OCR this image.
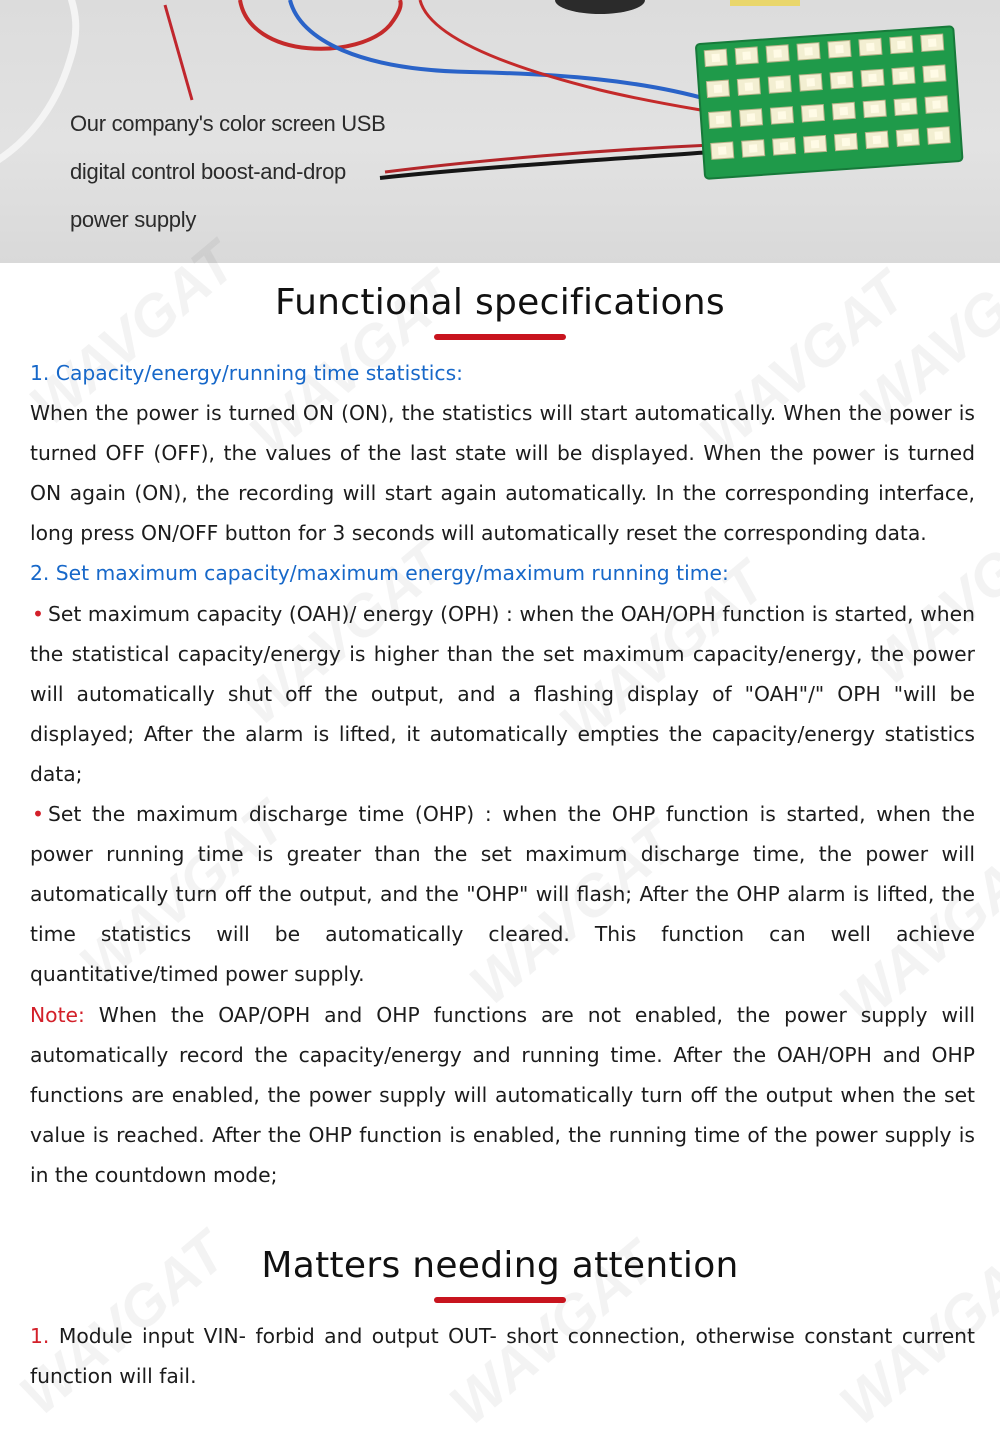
Our company's color screen USB
digital control boost-and-drop
power supply
Functional specifications

1. Capacity/energy/running time statistics:

When the power is turned ON (ON), the statistics will start automatically. When the power is turned OFF (OFF), the values of the last state will be displayed. When the power is turned ON again (ON), the recording will start again automatically. In the corresponding interface, long press ON/OFF button for 3 seconds will automatically reset the corresponding data.

2. Set maximum capacity/maximum energy/maximum running time:

• Set maximum capacity (OAH)/ energy (OPH) : when the OAH/OPH function is started, when the statistical capacity/energy is higher than the set maximum capacity/energy, the power will automatically shut off the output, and a flashing display of "OAH"/" OPH "will be displayed; After the alarm is lifted, it automatically empties the capacity/energy statistics data;

• Set the maximum discharge time (OHP) : when the OHP function is started, when the power running time is greater than the set maximum discharge time, the power will automatically turn off the output, and the "OHP" will flash; After the OHP alarm is lifted, the time statistics will be automatically cleared. This function can well achieve quantitative/timed power supply.

Note: When the OAP/OPH and OHP functions are not enabled, the power supply will automatically record the capacity/energy and running time. After the OAH/OPH and OHP functions are enabled, the power supply will automatically turn off the output when the set value is reached. After the OHP function is enabled, the running time of the power supply is in the countdown mode;

Matters needing attention

1. Module input VIN- forbid and output OUT- short connection, otherwise constant current function will fail.
